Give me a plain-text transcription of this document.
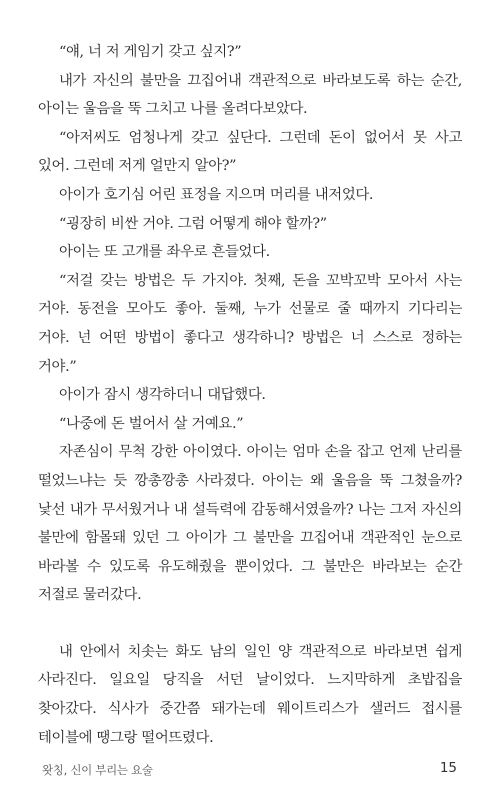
“얘, 너 저 게임기 갖고 싶지?”

내가 자신의 불만을 끄집어내 객관적으로 바라보도록 하는 순간, 아이는 울음을 뚝 그치고 나를 올려다보았다.

“아저씨도 엄청나게 갖고 싶단다. 그런데 돈이 없어서 못 사고 있어. 그런데 저게 얼만지 알아?”

아이가 호기심 어린 표정을 지으며 머리를 내저었다.

“굉장히 비싼 거야. 그럼 어떻게 해야 할까?”

아이는 또 고개를 좌우로 흔들었다.

“저걸 갖는 방법은 두 가지야. 첫째, 돈을 꼬박꼬박 모아서 사는 거야. 동전을 모아도 좋아. 둘째, 누가 선물로 줄 때까지 기다리는 거야. 넌 어떤 방법이 좋다고 생각하니? 방법은 너 스스로 정하는 거야.”

아이가 잠시 생각하더니 대답했다.

“나중에 돈 벌어서 살 거예요.”

자존심이 무척 강한 아이였다. 아이는 엄마 손을 잡고 언제 난리를 떨었느냐는 듯 깡총깡총 사라졌다. 아이는 왜 울음을 뚝 그쳤을까? 낯선 내가 무서웠거나 내 설득력에 감동해서였을까? 나는 그저 자신의 불만에 함몰돼 있던 그 아이가 그 불만을 끄집어내 객관적인 눈으로 바라볼 수 있도록 유도해줬을 뿐이었다. 그 불만은 바라보는 순간 저절로 물러갔다.

내 안에서 치솟는 화도 남의 일인 양 객관적으로 바라보면 쉽게 사라진다. 일요일 당직을 서던 날이었다. 느지막하게 초밥집을 찾아갔다. 식사가 중간쯤 돼가는데 웨이트리스가 샐러드 접시를 테이블에 땡그랑 떨어뜨렸다.

왓칭, 신이 부리는 요술	15
